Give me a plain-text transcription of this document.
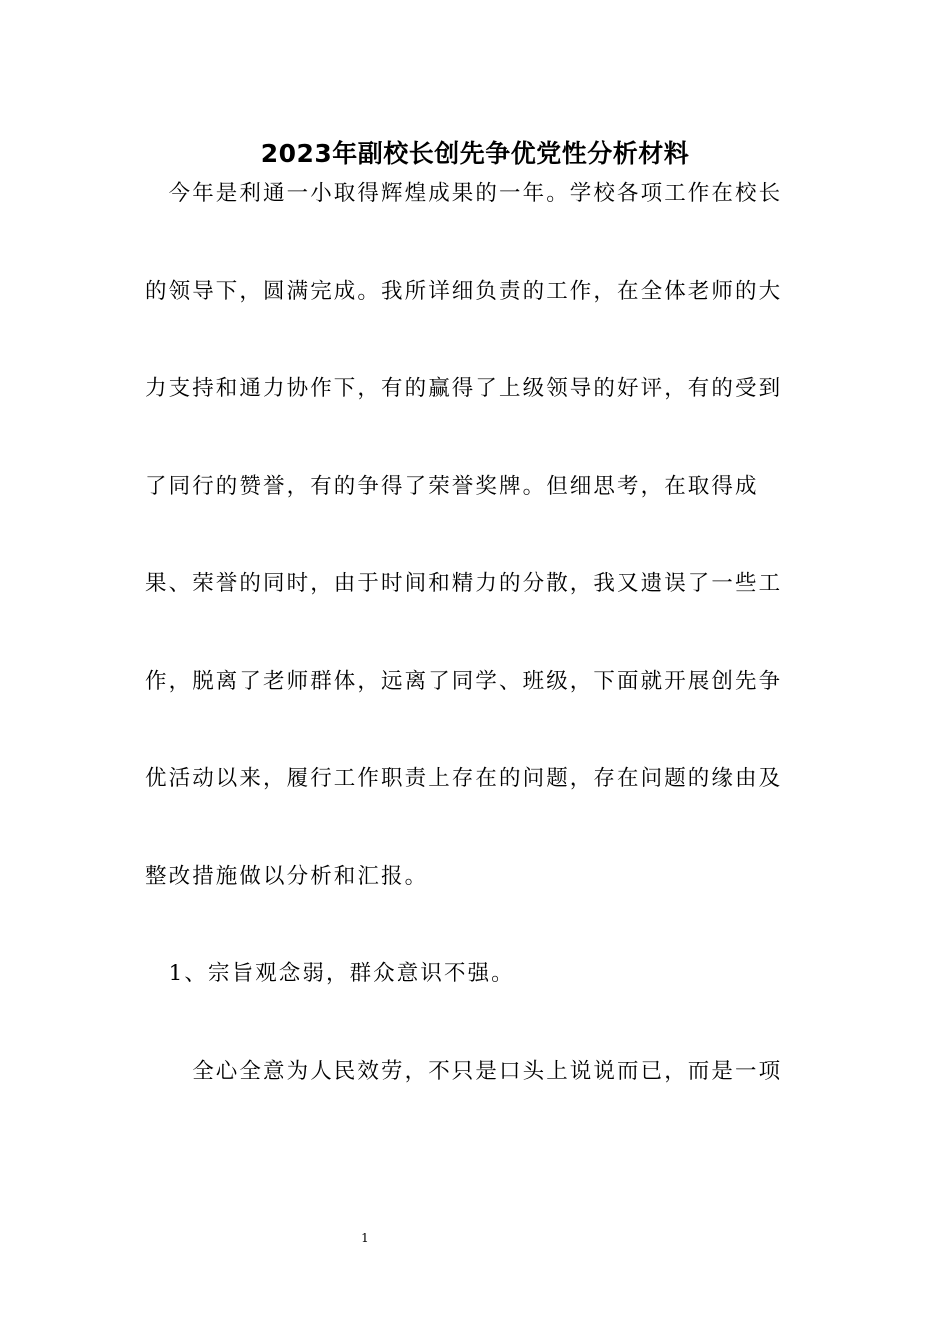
2023年副校长创先争优党性分析材料
　今年是利通一小取得辉煌成果的一年。学校各项工作在校长
的领导下，圆满完成。我所详细负责的工作，在全体老师的大
力支持和通力协作下，有的赢得了上级领导的好评，有的受到
了同行的赞誉，有的争得了荣誉奖牌。但细思考，在取得成
果、荣誉的同时，由于时间和精力的分散，我又遗误了一些工
作，脱离了老师群体，远离了同学、班级，下面就开展创先争
优活动以来，履行工作职责上存在的问题，存在问题的缘由及
整改措施做以分析和汇报。
　1、宗旨观念弱，群众意识不强。
　　全心全意为人民效劳，不只是口头上说说而已，而是一项
1
